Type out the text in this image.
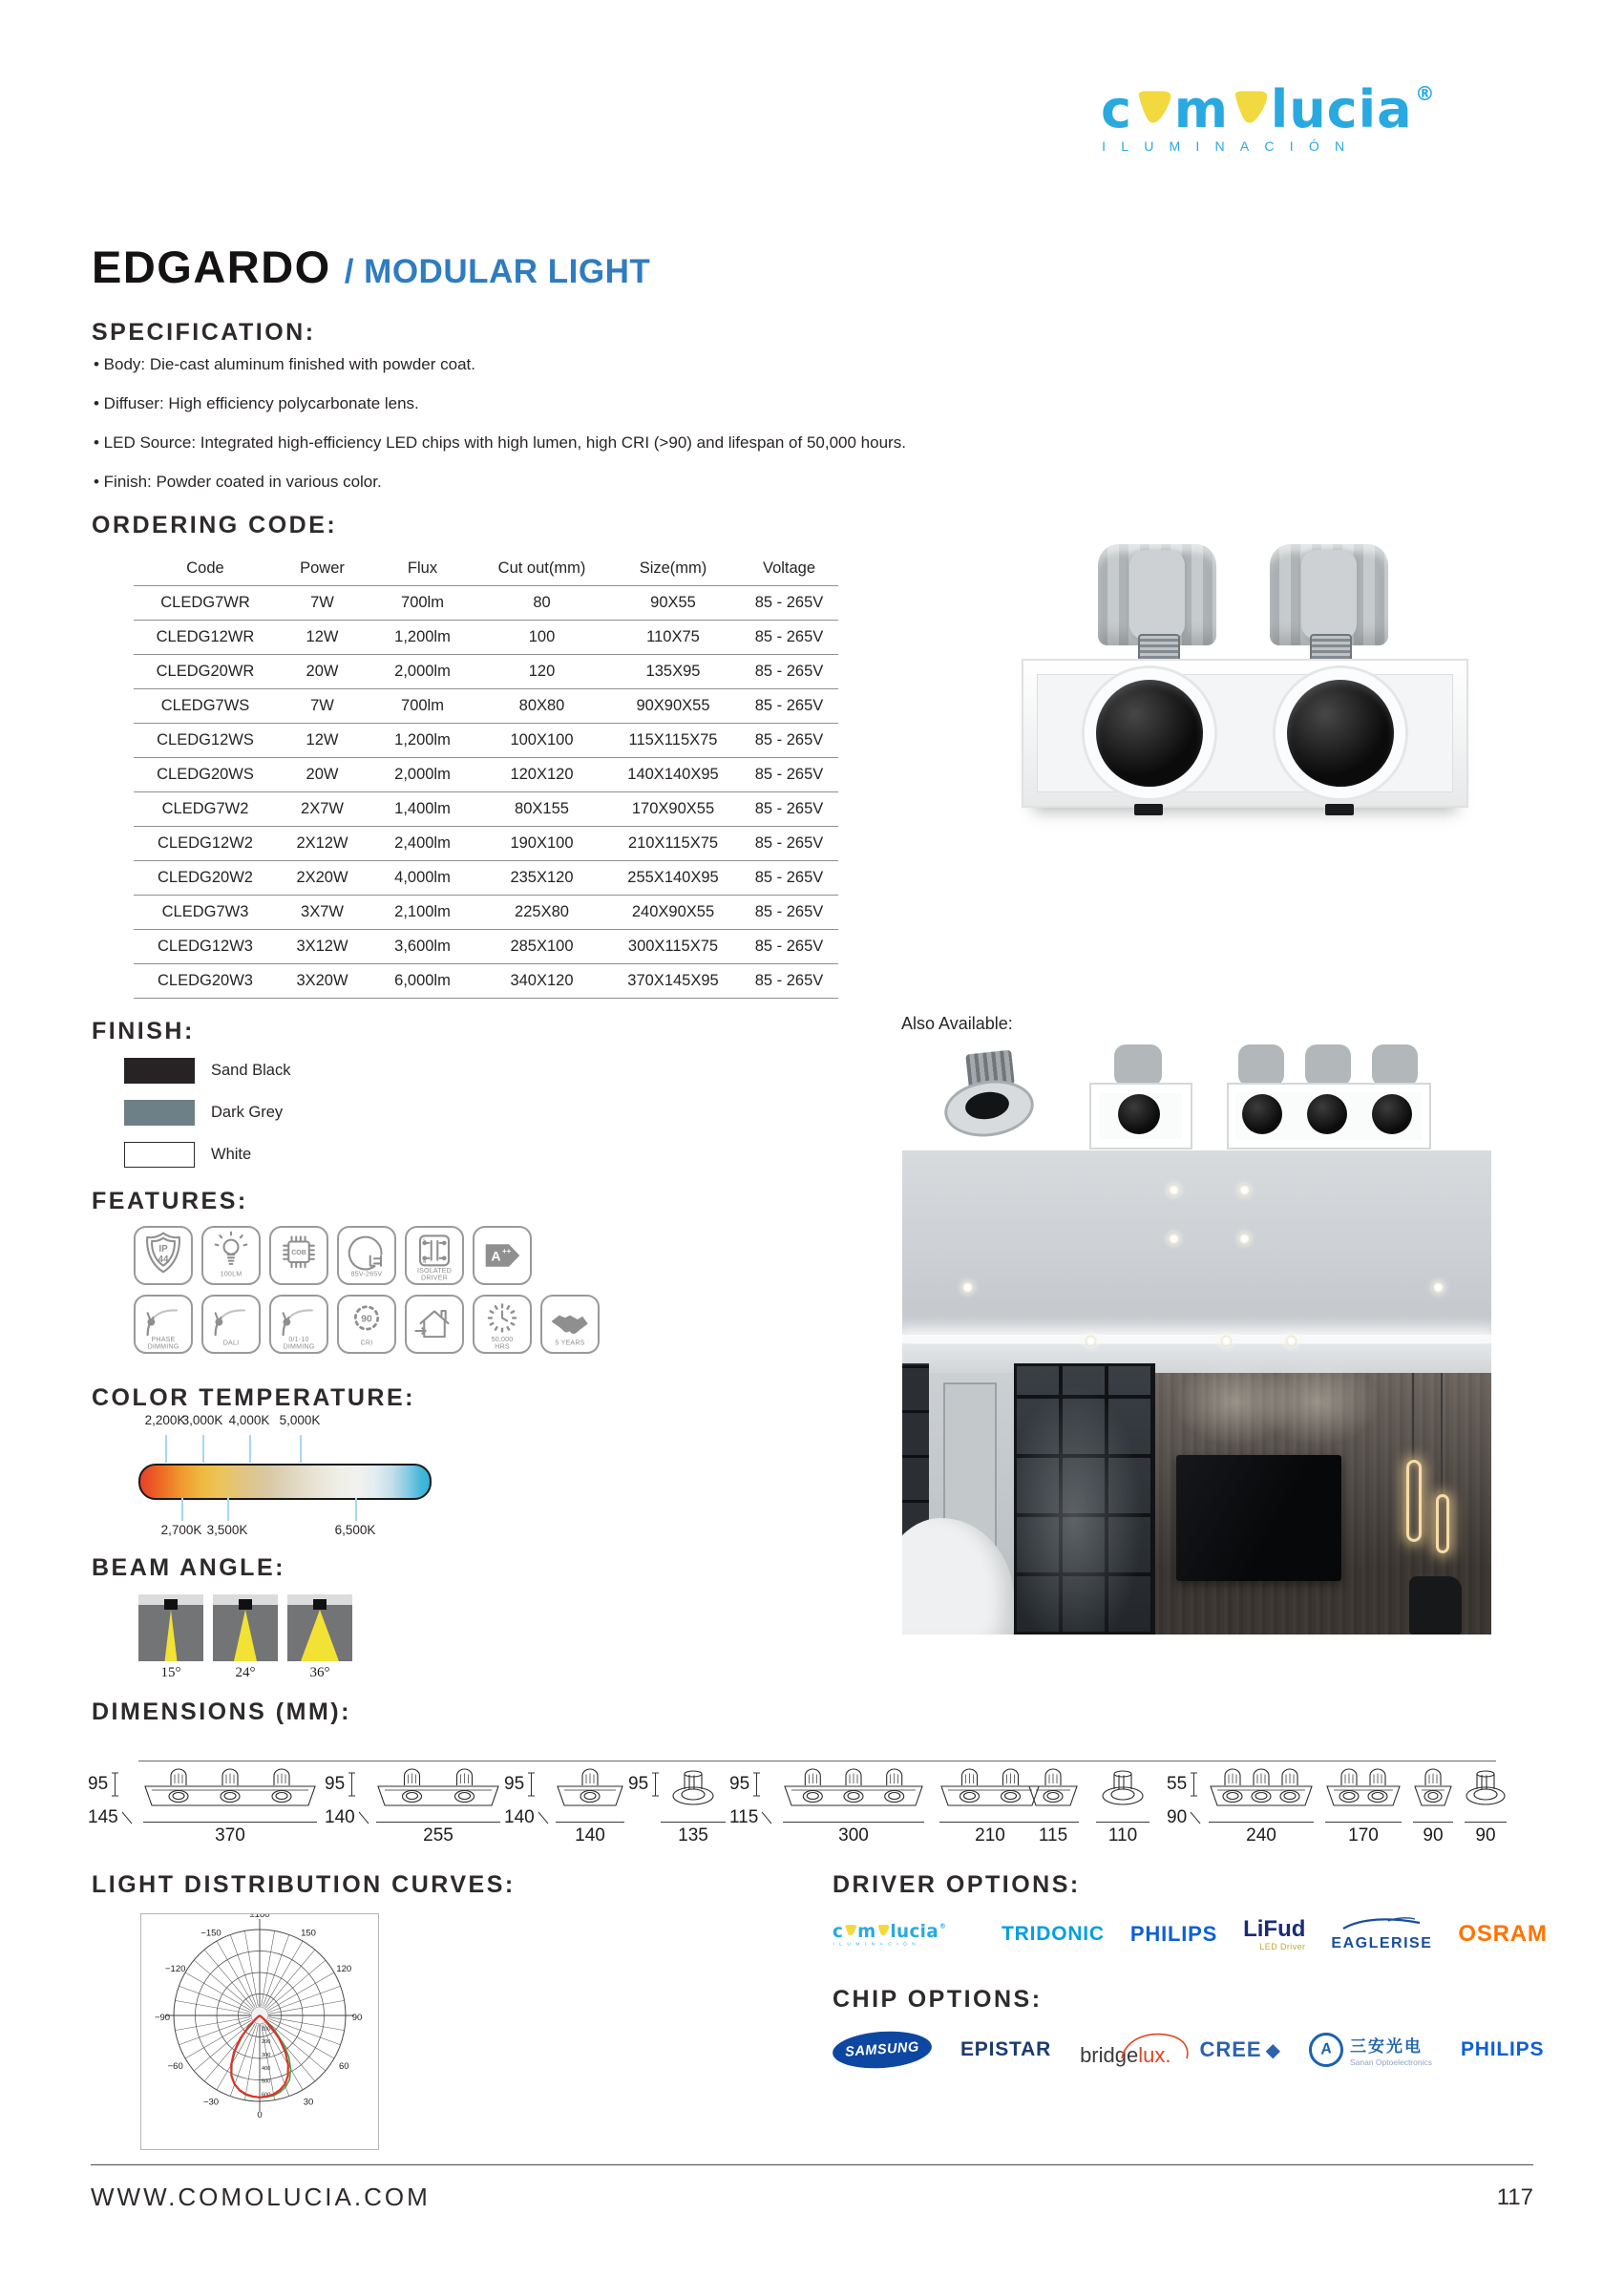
c m lucia ®
ILUMINACIÓN
EDGARDO / MODULAR LIGHT
SPECIFICATION:
• Body: Die-cast aluminum finished with powder coat.
• Diffuser: High efficiency polycarbonate lens.
• LED Source: Integrated high-efficiency LED chips with high lumen, high CRI (>90) and lifespan of 50,000 hours.
• Finish: Powder coated in various color.
ORDERING CODE:
Code	Power	Flux	Cut out(mm)	Size(mm)	Voltage
CLEDG7WR	7W	700lm	80	90X55	85 - 265V
CLEDG12WR	12W	1,200lm	100	110X75	85 - 265V
CLEDG20WR	20W	2,000lm	120	135X95	85 - 265V
CLEDG7WS	7W	700lm	80X80	90X90X55	85 - 265V
CLEDG12WS	12W	1,200lm	100X100	115X115X75	85 - 265V
CLEDG20WS	20W	2,000lm	120X120	140X140X95	85 - 265V
CLEDG7W2	2X7W	1,400lm	80X155	170X90X55	85 - 265V
CLEDG12W2	2X12W	2,400lm	190X100	210X115X75	85 - 265V
CLEDG20W2	2X20W	4,000lm	235X120	255X140X95	85 - 265V
CLEDG7W3	3X7W	2,100lm	225X80	240X90X55	85 - 265V
CLEDG12W3	3X12W	3,600lm	285X100	300X115X75	85 - 265V
CLEDG20W3	3X20W	6,000lm	340X120	370X145X95	85 - 265V
FINISH:
Sand Black
Dark Grey
White
Also Available:
FEATURES:
IP
44
100LM
COB
85V-265V
L
N
ISOLATED
DRIVER
A ++
PHASE
DIMMING
DALI	0/1-10
DIMMING
90
CRI	50,000
HRS
5 YEARS
COLOR TEMPERATURE:
2,200K
3,000K 4,000K 5,000K
2,700K 3,500K	6,500K
BEAM ANGLE:
15°	24°	36°
DIMENSIONS (MM):
LIGHT DISTRIBUTION CURVES:
±180
−150	150
−120	120
−90	90
−60	60
−30	30
0
100
200
300
400
500
600
DRIVER OPTIONS:
c m lucia ®
ILUMINACIÓN	TRIDONIC PHILIPS LiFud
LED Driver EAGLERISE OSRAM
CHIP OPTIONS:
SAMSUNG EPISTAR bridgelux. CREE ◆	A	三安光电
Sanan Optoelectronics
PHILIPS
WWW.COMOLUCIA.COM	117
95
145
370
95
140
255
95
140
140
95
135
95
115
300	210	115	110
55
90
240	170	90	90
